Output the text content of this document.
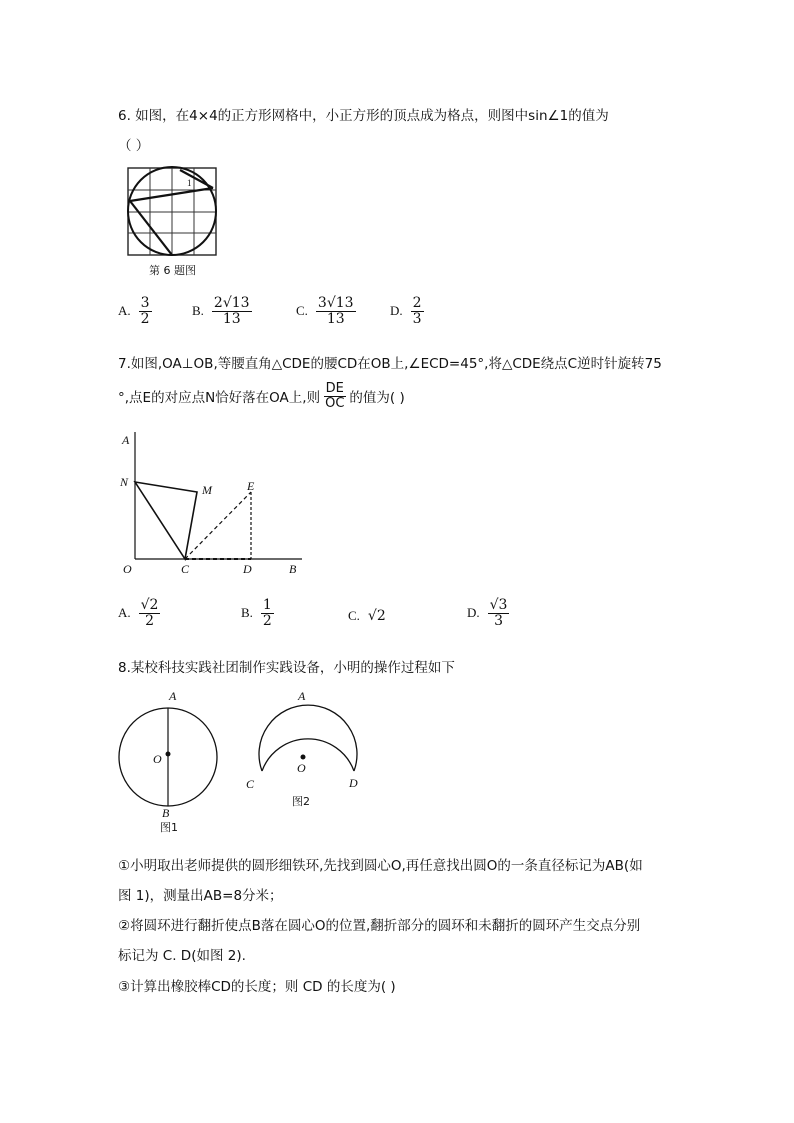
6. 如图，在4×4的正方形网格中，小正方形的顶点成为格点，则图中sin∠1的值为
（ ）
1
第 6 题图
A. $\frac{3}{2}$	B. $\frac{2√13}{13}$	C. $\frac{3√13}{13}$	D. $\frac{2}{3}$
7.如图,OA⊥OB,等腰直角△CDE的腰CD在OB上,∠ECD=45°,将△CDE绕点C逆时针旋转75
°,点E的对应点N恰好落在OA上,则 $\frac{DE}{OC}$ 的值为( )
A
N
M	E
O	C	D	B
A. $\frac{√2}{2}$	B. $\frac{1}{2}$	C. √2	D. $\frac{√3}{3}$
8.某校科技实践社团制作实践设备，小明的操作过程如下
A
O
B
图1
A
O
C	D
图2
①小明取出老师提供的圆形细铁环,先找到圆心O,再任意找出圆O的一条直径标记为AB(如
图 1)，测量出AB=8分米；
②将圆环进行翻折使点B落在圆心O的位置,翻折部分的圆环和未翻折的圆环产生交点分别
标记为 C. D(如图 2).
③计算出橡胶棒CD的长度；则 CD 的长度为( )
